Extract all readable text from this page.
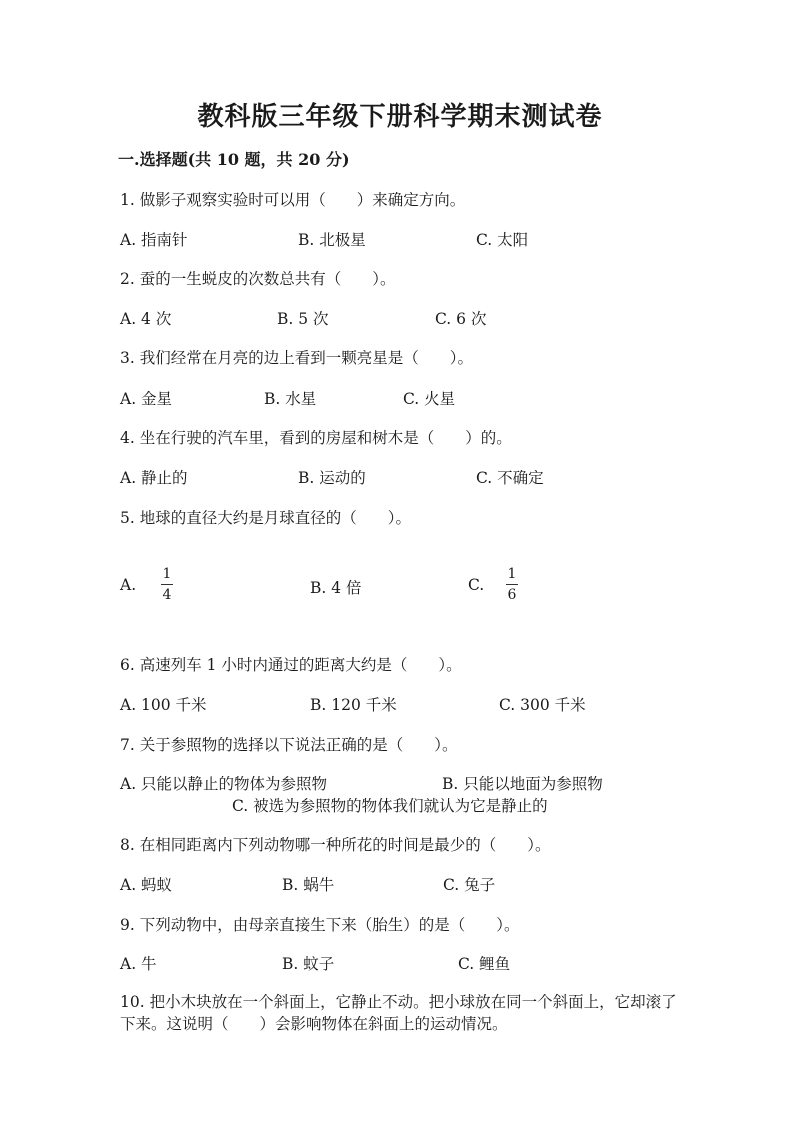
教科版三年级下册科学期末测试卷
一.选择题(共 10 题，共 20 分)
1. 做影子观察实验时可以用（　　）来确定方向。
A. 指南针	B. 北极星	C. 太阳
2. 蚕的一生蜕皮的次数总共有（　　）。
A. 4 次	B. 5 次	C. 6 次
3. 我们经常在月亮的边上看到一颗亮星是（　　）。
A. 金星	B. 水星	C. 火星
4. 坐在行驶的汽车里，看到的房屋和树木是（　　）的。
A. 静止的	B. 运动的	C. 不确定
5. 地球的直径大约是月球直径的（　　）。
A.
1
4	B. 4 倍	C.
1
6
6. 高速列车 1 小时内通过的距离大约是（　　）。
A. 100 千米	B. 120 千米	C. 300 千米
7. 关于参照物的选择以下说法正确的是（　　）。
A. 只能以静止的物体为参照物	B. 只能以地面为参照物
C. 被选为参照物的物体我们就认为它是静止的
8. 在相同距离内下列动物哪一种所花的时间是最少的（　　）。
A. 蚂蚁	B. 蜗牛	C. 兔子
9. 下列动物中，由母亲直接生下来（胎生）的是（　　）。
A. 牛	B. 蚊子	C. 鲤鱼
10. 把小木块放在一个斜面上，它静止不动。把小球放在同一个斜面上，它却滚了下来。这说明（　　）会影响物体在斜面上的运动情况。
